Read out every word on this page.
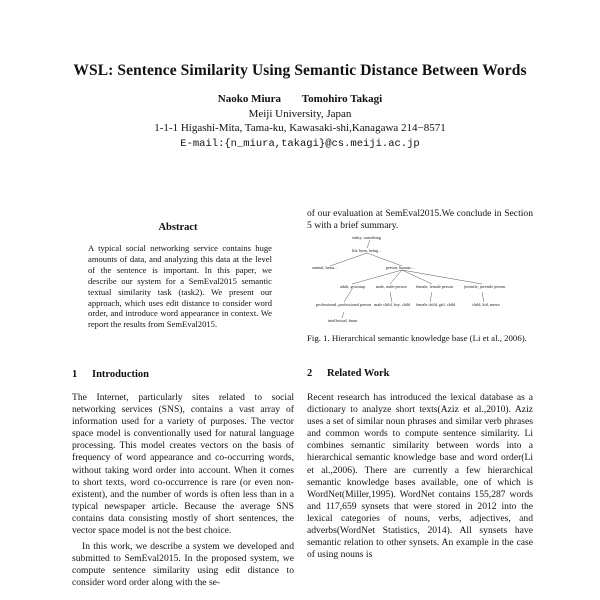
WSL: Sentence Similarity Using Semantic Distance Between Words
Naoko Miura Tomohiro Takagi
Meiji University, Japan
1-1-1 Higashi-Mita, Tama-ku, Kawasaki-shi,Kanagawa 214−8571
E-mail:{n_miura,takagi}@cs.meiji.ac.jp
Abstract
A typical social networking service contains huge amounts of data, and analyzing this data at the level of the sentence is important. In this paper, we describe our system for a SemEval2015 semantic textual similarity task (task2). We present our approach, which uses edit distance to consider word order, and introduce word appearance in context. We report the results from SemEval2015.
1 Introduction

The Internet, particularly sites related to social networking services (SNS), contains a vast array of information used for a variety of purposes. The vector space model is conventionally used for natural language processing. This model creates vectors on the basis of frequency of word appearance and co-occurring words, without taking word order into account. When it comes to short texts, word co-occurrence is rare (or even non-existent), and the number of words is often less than in a typical newspaper article. Because the average SNS contains data consisting mostly of short sentences, the vector space model is not the best choice.

In this work, we describe a system we developed and submitted to SemEval2015. In the proposed system, we compute sentence similarity using edit distance to consider word order along with the se-

of our evaluation at SemEval2015.We conclude in Section 5 with a brief summary.
entity, something
life form, being ...
animal, beast...	person, human ...
adult, grownup	male, male person female, female person	juvenile, juvenile person
professional, professional person male child, boy, child female child, girl, child	child, kid, minor
intellectual, brain
Fig. 1. Hierarchical semantic knowledge base (Li et al., 2006).
2 Related Work
Recent research has introduced the lexical database as a dictionary to analyze short texts(Aziz et al.,2010). Aziz uses a set of similar noun phrases and similar verb phrases and common words to compute sentence similarity. Li combines semantic similarity between words into a hierarchical semantic knowledge base and word order(Li et al.,2006). There are currently a few hierarchical semantic knowledge bases available, one of which is WordNet(Miller,1995). WordNet contains 155,287 words and 117,659 synsets that were stored in 2012 into the lexical categories of nouns, verbs, adjectives, and adverbs(WordNet Statistics, 2014). All synsets have semantic relation to other synsets. An example in the case of using nouns is
